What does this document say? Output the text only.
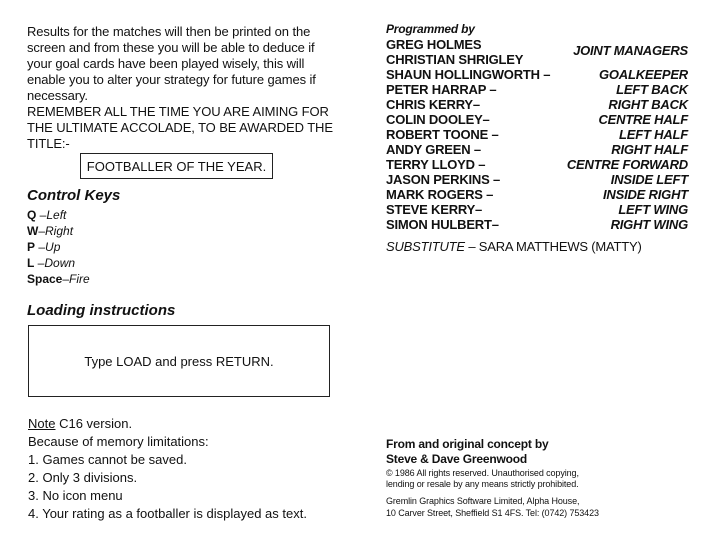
Results for the matches will then be printed on the
screen and from these you will be able to deduce if
your goal cards have been played wisely, this will
enable you to alter your strategy for future games if
necessary.
REMEMBER ALL THE TIME YOU ARE AIMING FOR
THE ULTIMATE ACCOLADE, TO BE AWARDED THE
TITLE:-
FOOTBALLER OF THE YEAR.
Control Keys
Q –Left
W–Right
P –Up
L –Down
Space–Fire
Loading instructions
Type LOAD and press RETURN.
Note C16 version.
Because of memory limitations:
1. Games cannot be saved.
2. Only 3 divisions.
3. No icon menu
4. Your rating as a footballer is displayed as text.
Programmed by
GREG HOLMES
CHRISTIAN SHRIGLEY
JOINT MANAGERS
SHAUN HOLLINGWORTH –	GOALKEEPER
PETER HARRAP –	LEFT BACK
CHRIS KERRY–	RIGHT BACK
COLIN DOOLEY–	CENTRE HALF
ROBERT TOONE –	LEFT HALF
ANDY GREEN –	RIGHT HALF
TERRY LLOYD –	CENTRE FORWARD
JASON PERKINS –	INSIDE LEFT
MARK ROGERS –	INSIDE RIGHT
STEVE KERRY–	LEFT WING
SIMON HULBERT–	RIGHT WING
SUBSTITUTE – SARA MATTHEWS (MATTY)
From and original concept by
Steve & Dave Greenwood
© 1986 All rights reserved. Unauthorised copying,
lending or resale by any means strictly prohibited.
Gremlin Graphics Software Limited, Alpha House,
10 Carver Street, Sheffield S1 4FS. Tel: (0742) 753423
